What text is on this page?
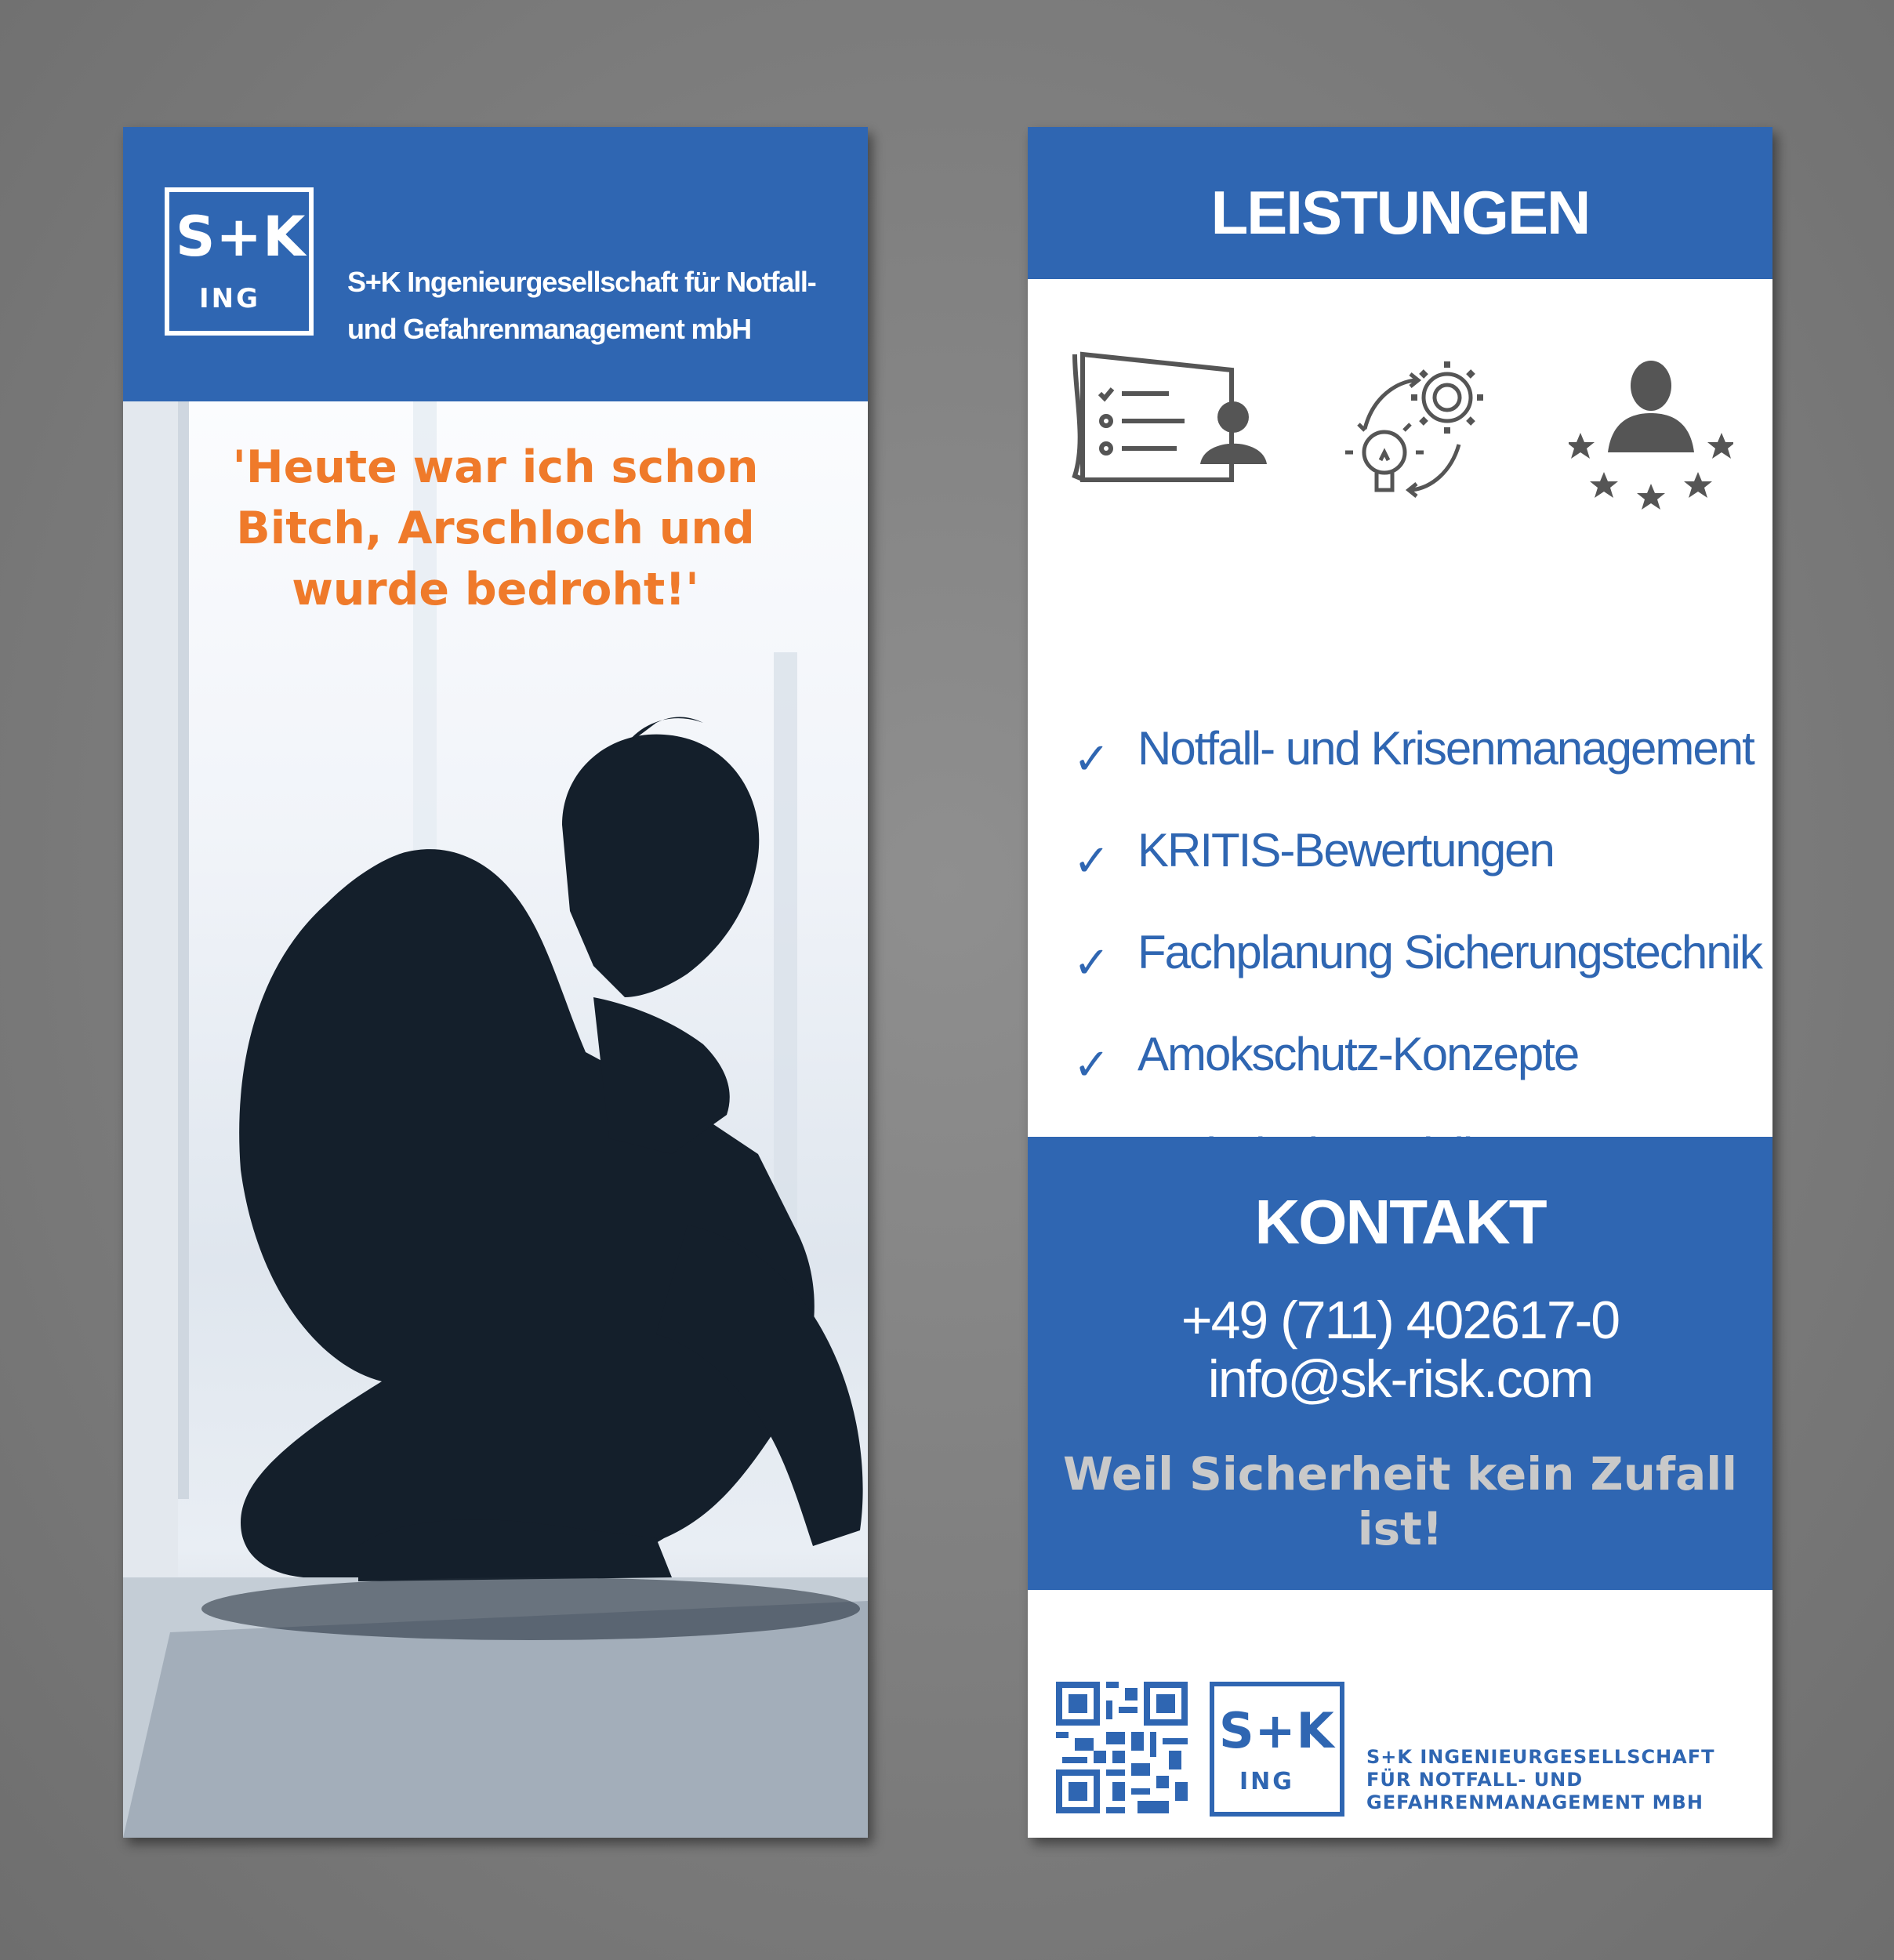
S+K
ING
S+K Ingenieurgesellschaft für Notfall- und Gefahrenmanagement mbH
'Heute war ich schon Bitch, Arschloch und wurde bedroht!'
LEISTUNGEN
✓ Notfall- und Krisenmanagement
✓ KRITIS-Bewertungen
✓ Fachplanung Sicherungstechnik
✓ Amokschutz-Konzepte
KONTAKT
+49 (711) 402617-0
info@sk-risk.com
Weil Sicherheit kein Zufall ist!
S+K
ING
S+K INGENIEURGESELLSCHAFT FÜR NOTFALL- UND GEFAHRENMANAGEMENT MBH
